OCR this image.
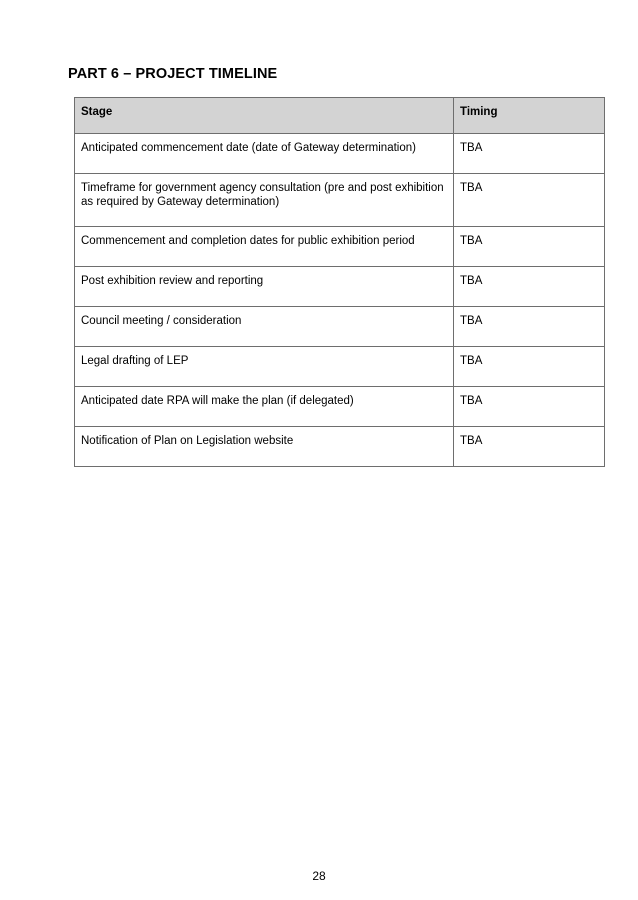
PART 6 – PROJECT TIMELINE
Stage	Timing
Anticipated commencement date (date of Gateway determination)	TBA
Timeframe for government agency consultation (pre and post exhibition as required by Gateway determination)	TBA
Commencement and completion dates for public exhibition period	TBA
Post exhibition review and reporting	TBA
Council meeting / consideration	TBA
Legal drafting of LEP	TBA
Anticipated date RPA will make the plan (if delegated)	TBA
Notification of Plan on Legislation website	TBA
28
